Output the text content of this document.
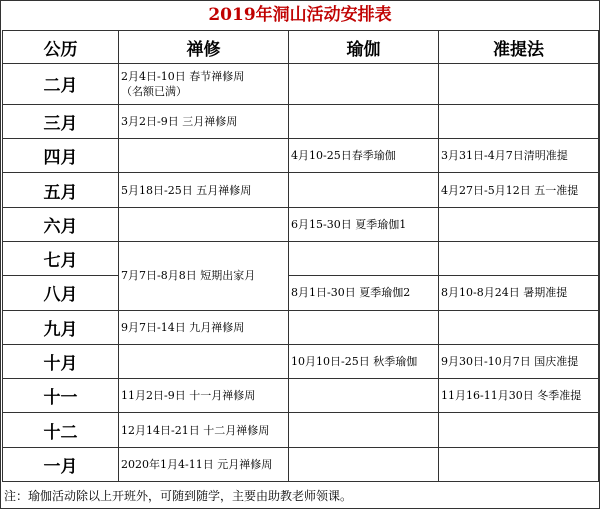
2019年洞山活动安排表
公历	禅修	瑜伽	准提法
二月	2月4日-10日 春节禅修周
（名额已满）		

三月	3月2日-9日 三月禅修周		
四月		4月10-25日春季瑜伽	3月31日-4月7日清明准提
五月	5月18日-25日 五月禅修周		4月27日-5月12日 五一准提
六月		6月15-30日 夏季瑜伽1	
七月	7月7日-8月8日 短期出家月		
八月		8月1日-30日 夏季瑜伽2	8月10-8月24日 暑期准提
九月	9月7日-14日 九月禅修周		
十月		10月10日-25日 秋季瑜伽	9月30日-10月7日 国庆准提
十一	11月2日-9日 十一月禅修周		11月16-11月30日 冬季准提
十二	12月14日-21日 十二月禅修周		
一月	2020年1月4-11日 元月禅修周		
注：瑜伽活动除以上开班外，可随到随学，主要由助教老师领课。
